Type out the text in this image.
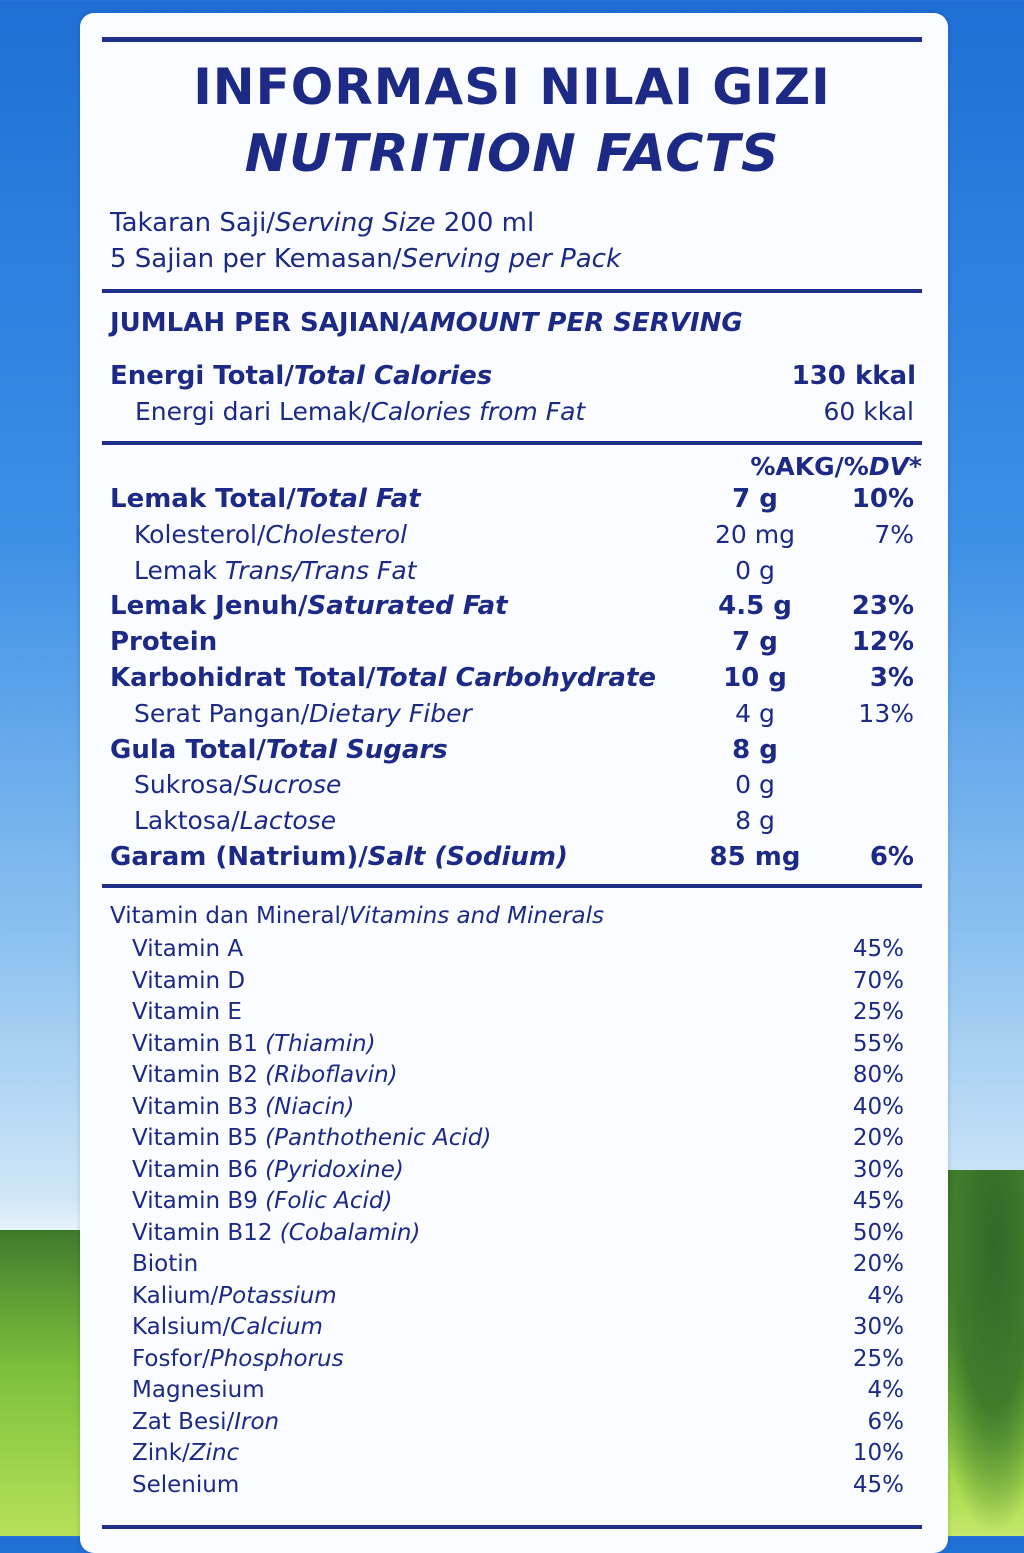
INFORMASI NILAI GIZI
NUTRITION FACTS
Takaran Saji/Serving Size 200 ml
5 Sajian per Kemasan/Serving per Pack
JUMLAH PER SAJIAN/AMOUNT PER SERVING
Energi Total/Total Calories	130 kkal
Energi dari Lemak/Calories from Fat	60 kkal
%AKG/%DV*
Lemak Total/Total Fat	7 g	10%
Kolesterol/Cholesterol	20 mg	7%
Lemak Trans/Trans Fat	0 g
Lemak Jenuh/Saturated Fat	4.5 g	23%
Protein	7 g	12%
Karbohidrat Total/Total Carbohydrate	10 g	3%
Serat Pangan/Dietary Fiber	4 g	13%
Gula Total/Total Sugars	8 g
Sukrosa/Sucrose	0 g
Laktosa/Lactose	8 g
Garam (Natrium)/Salt (Sodium)	85 mg	6%
Vitamin dan Mineral/Vitamins and Minerals
Vitamin A	45%
Vitamin D	70%
Vitamin E	25%
Vitamin B1 (Thiamin)	55%
Vitamin B2 (Riboflavin)	80%
Vitamin B3 (Niacin)	40%
Vitamin B5 (Panthothenic Acid)	20%
Vitamin B6 (Pyridoxine)	30%
Vitamin B9 (Folic Acid)	45%
Vitamin B12 (Cobalamin)	50%
Biotin	20%
Kalium/Potassium	4%
Kalsium/Calcium	30%
Fosfor/Phosphorus	25%
Magnesium	4%
Zat Besi/Iron	6%
Zink/Zinc	10%
Selenium	45%
